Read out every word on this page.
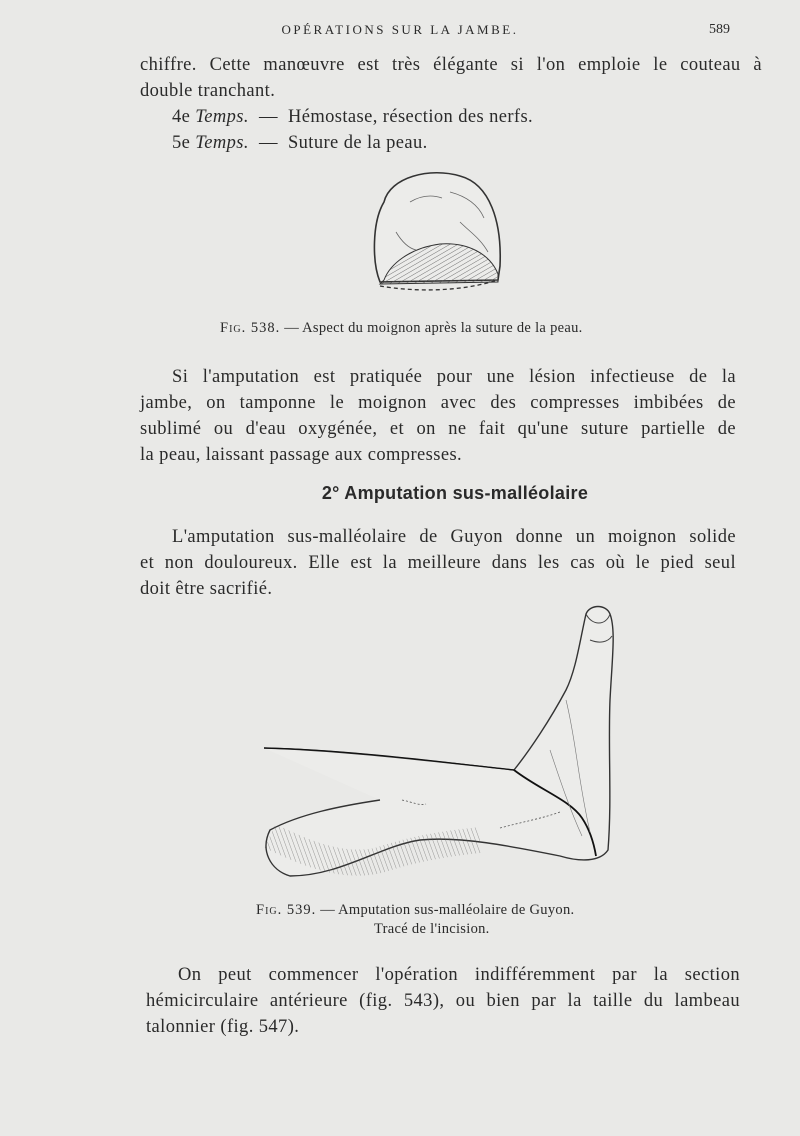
OPÉRATIONS SUR LA JAMBE.	589
chiffre. Cette manœuvre est très élégante si l'on emploie le couteau à
double tranchant.
4e Temps. — Hémostase, résection des nerfs.
5e Temps. — Suture de la peau.
Fig. 538. — Aspect du moignon après la suture de la peau.
Si l'amputation est pratiquée pour une lésion infectieuse de la
jambe, on tamponne le moignon avec des compresses imbibées de
sublimé ou d'eau oxygénée, et on ne fait qu'une suture partielle de
la peau, laissant passage aux compresses.
2° Amputation sus-malléolaire
L'amputation sus-malléolaire de Guyon donne un moignon solide
et non douloureux. Elle est la meilleure dans les cas où le pied seul
doit être sacrifié.
Fig. 539. — Amputation sus-malléolaire de Guyon.
Tracé de l'incision.
On peut commencer l'opération indifféremment par la section
hémicirculaire antérieure (fig. 543), ou bien par la taille du lambeau
talonnier (fig. 547).
